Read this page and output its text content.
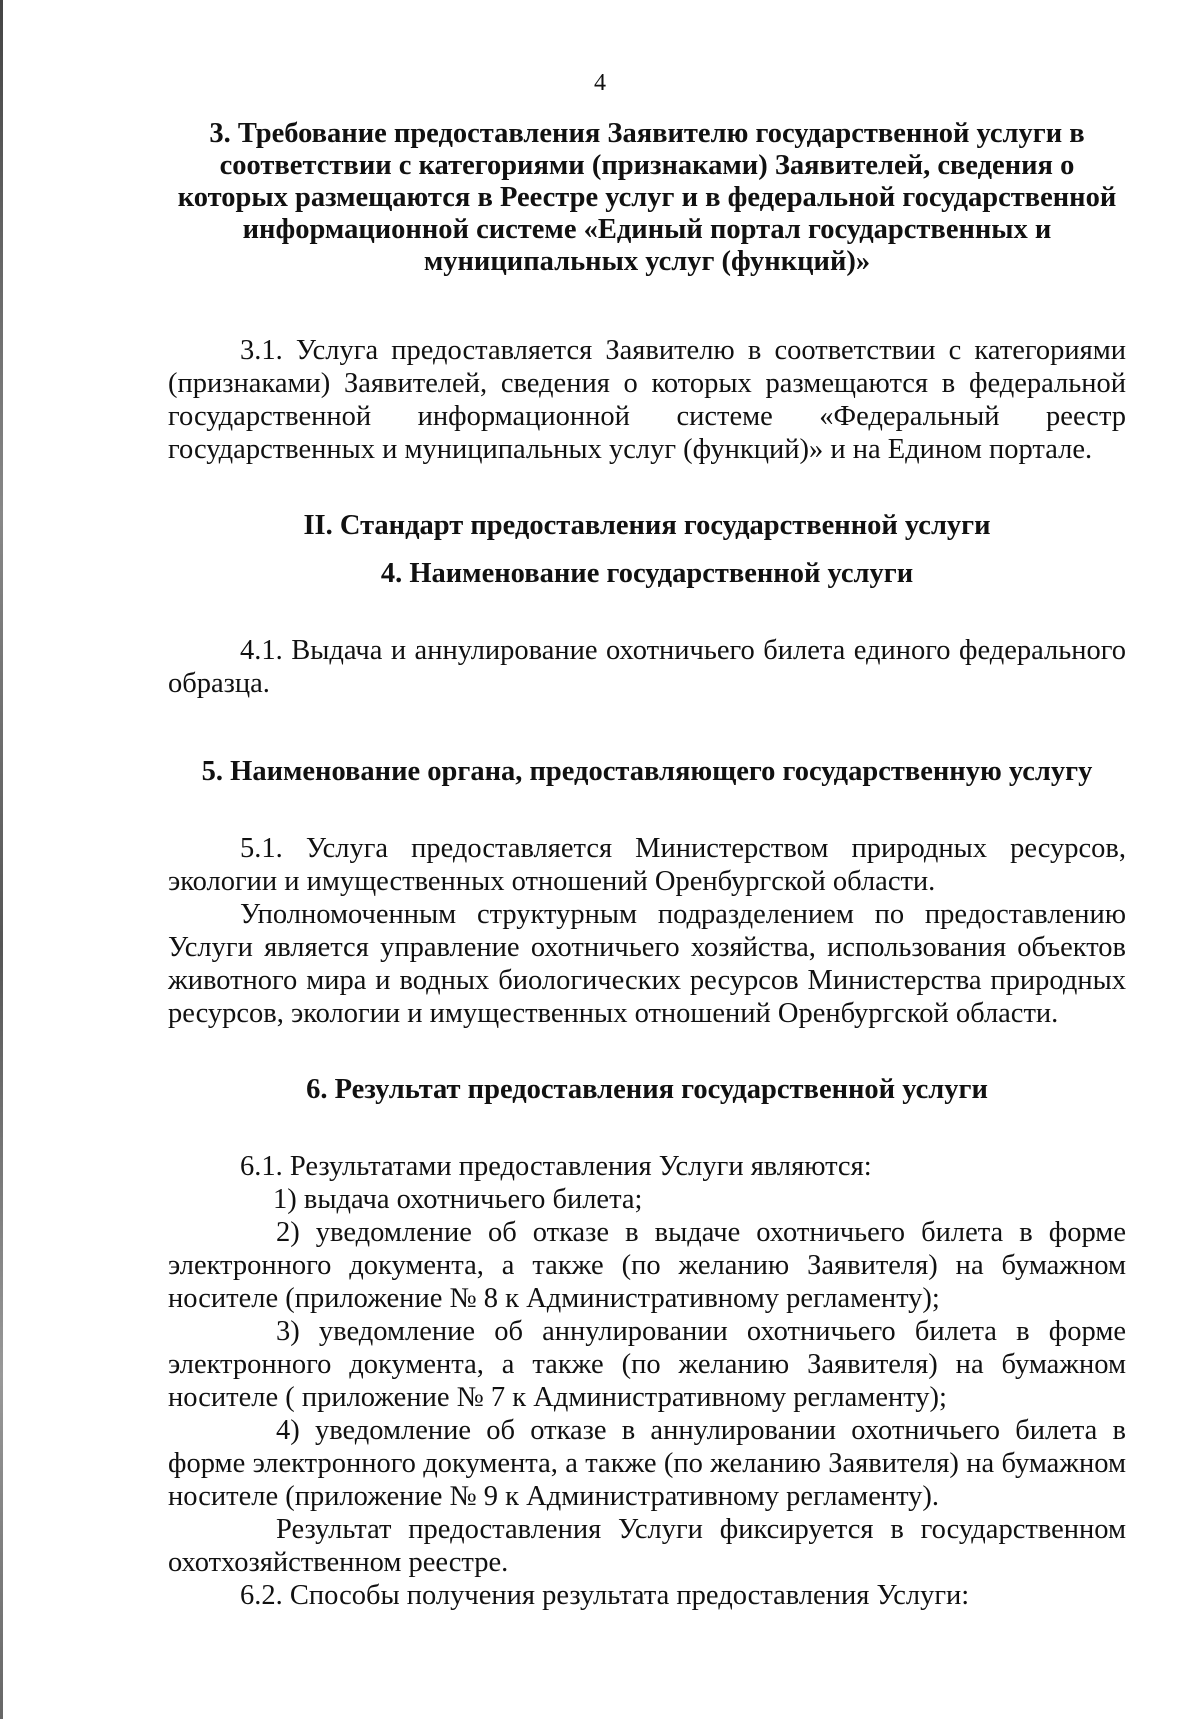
4
3. Требование предоставления Заявителю государственной услуги в соответствии с категориями (признаками) Заявителей, сведения о которых размещаются в Реестре услуг и в федеральной государственной информационной системе «Единый портал государственных и муниципальных услуг (функций)»

3.1. Услуга предоставляется Заявителю в соответствии с категориями (признаками) Заявителей, сведения о которых размещаются в федеральной государственной информационной системе «Федеральный реестр государственных и муниципальных услуг (функций)» и на Едином портале.

II. Стандарт предоставления государственной услуги
4. Наименование государственной услуги

4.1. Выдача и аннулирование охотничьего билета единого федерального образца.

5. Наименование органа, предоставляющего государственную услугу

5.1. Услуга предоставляется Министерством природных ресурсов, экологии и имущественных отношений Оренбургской области.

Уполномоченным структурным подразделением по предоставлению Услуги является управление охотничьего хозяйства, использования объектов животного мира и водных биологических ресурсов Министерства природных ресурсов, экологии и имущественных отношений Оренбургской области.

6. Результат предоставления государственной услуги

6.1. Результатами предоставления Услуги являются:

1) выдача охотничьего билета;

2) уведомление об отказе в выдаче охотничьего билета в форме электронного документа, а также (по желанию Заявителя) на бумажном носителе (приложение № 8 к Административному регламенту);

3) уведомление об аннулировании охотничьего билета в форме электронного документа, а также (по желанию Заявителя) на бумажном носителе ( приложение № 7 к Административному регламенту);

4) уведомление об отказе в аннулировании охотничьего билета в форме электронного документа, а также (по желанию Заявителя) на бумажном носителе (приложение № 9 к Административному регламенту).

Результат предоставления Услуги фиксируется в государственном охотхозяйственном реестре.

6.2. Способы получения результата предоставления Услуги:
